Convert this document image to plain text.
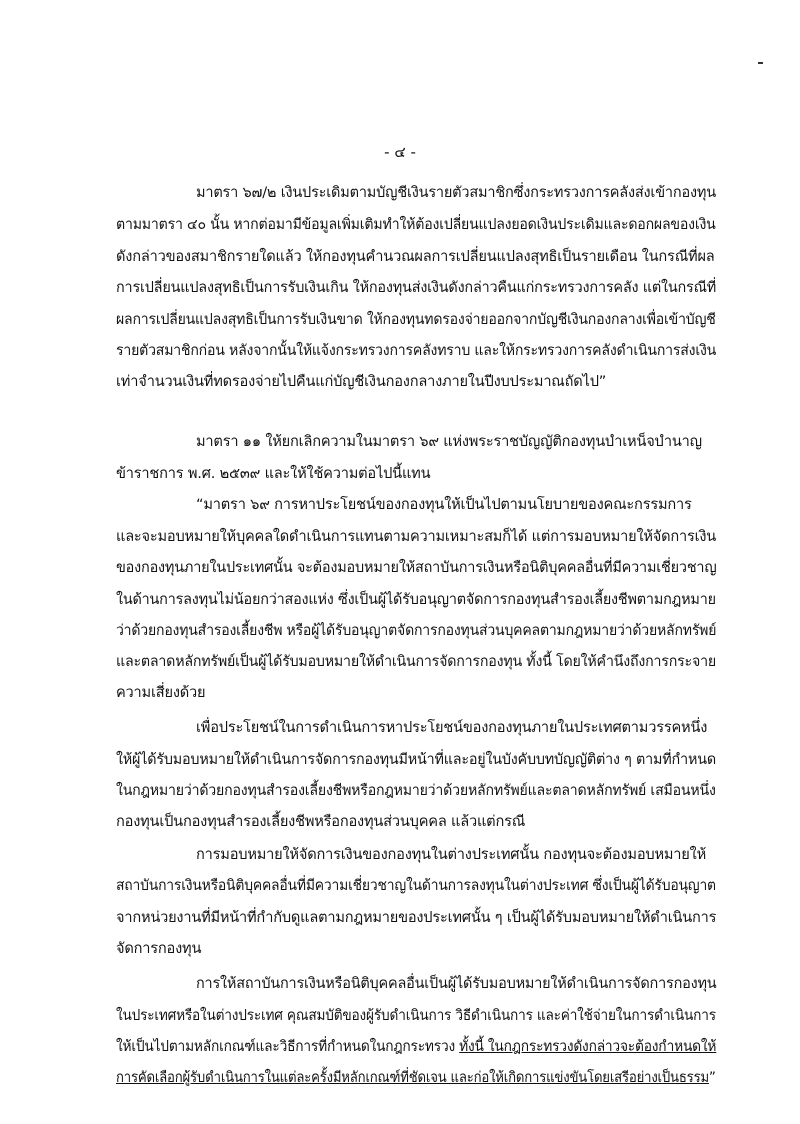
- ๔ -
มาตรา ๖๗/๒ เงินประเดิมตามบัญชีเงินรายตัวสมาชิกซึ่งกระทรวงการคลังส่งเข้ากองทุน
ตามมาตรา ๔๐ นั้น หากต่อมามีข้อมูลเพิ่มเติมทำให้ต้องเปลี่ยนแปลงยอดเงินประเดิมและดอกผลของเงิน
ดังกล่าวของสมาชิกรายใดแล้ว ให้กองทุนคำนวณผลการเปลี่ยนแปลงสุทธิเป็นรายเดือน ในกรณีที่ผล
การเปลี่ยนแปลงสุทธิเป็นการรับเงินเกิน ให้กองทุนส่งเงินดังกล่าวคืนแก่กระทรวงการคลัง แต่ในกรณีที่
ผลการเปลี่ยนแปลงสุทธิเป็นการรับเงินขาด ให้กองทุนทดรองจ่ายออกจากบัญชีเงินกองกลางเพื่อเข้าบัญชี
รายตัวสมาชิกก่อน หลังจากนั้นให้แจ้งกระทรวงการคลังทราบ และให้กระทรวงการคลังดำเนินการส่งเงิน
เท่าจำนวนเงินที่ทดรองจ่ายไปคืนแก่บัญชีเงินกองกลางภายในปีงบประมาณถัดไป”
มาตรา ๑๑ ให้ยกเลิกความในมาตรา ๖๙ แห่งพระราชบัญญัติกองทุนบำเหน็จบำนาญ
ข้าราชการ พ.ศ. ๒๕๓๙ และให้ใช้ความต่อไปนี้แทน
“มาตรา ๖๙ การหาประโยชน์ของกองทุนให้เป็นไปตามนโยบายของคณะกรรมการ
และจะมอบหมายให้บุคคลใดดำเนินการแทนตามความเหมาะสมก็ได้ แต่การมอบหมายให้จัดการเงิน
ของกองทุนภายในประเทศนั้น จะต้องมอบหมายให้สถาบันการเงินหรือนิติบุคคลอื่นที่มีความเชี่ยวชาญ
ในด้านการลงทุนไม่น้อยกว่าสองแห่ง ซึ่งเป็นผู้ได้รับอนุญาตจัดการกองทุนสำรองเลี้ยงชีพตามกฎหมาย
ว่าด้วยกองทุนสำรองเลี้ยงชีพ หรือผู้ได้รับอนุญาตจัดการกองทุนส่วนบุคคลตามกฎหมายว่าด้วยหลักทรัพย์
และตลาดหลักทรัพย์เป็นผู้ได้รับมอบหมายให้ดำเนินการจัดการกองทุน ทั้งนี้ โดยให้คำนึงถึงการกระจาย
ความเสี่ยงด้วย
เพื่อประโยชน์ในการดำเนินการหาประโยชน์ของกองทุนภายในประเทศตามวรรคหนึ่ง
ให้ผู้ได้รับมอบหมายให้ดำเนินการจัดการกองทุนมีหน้าที่และอยู่ในบังคับบทบัญญัติต่าง ๆ ตามที่กำหนด
ในกฎหมายว่าด้วยกองทุนสำรองเลี้ยงชีพหรือกฎหมายว่าด้วยหลักทรัพย์และตลาดหลักทรัพย์ เสมือนหนึ่ง
กองทุนเป็นกองทุนสำรองเลี้ยงชีพหรือกองทุนส่วนบุคคล แล้วแต่กรณี
การมอบหมายให้จัดการเงินของกองทุนในต่างประเทศนั้น กองทุนจะต้องมอบหมายให้
สถาบันการเงินหรือนิติบุคคลอื่นที่มีความเชี่ยวชาญในด้านการลงทุนในต่างประเทศ ซึ่งเป็นผู้ได้รับอนุญาต
จากหน่วยงานที่มีหน้าที่กำกับดูแลตามกฎหมายของประเทศนั้น ๆ เป็นผู้ได้รับมอบหมายให้ดำเนินการ
จัดการกองทุน
การให้สถาบันการเงินหรือนิติบุคคลอื่นเป็นผู้ได้รับมอบหมายให้ดำเนินการจัดการกองทุน
ในประเทศหรือในต่างประเทศ คุณสมบัติของผู้รับดำเนินการ วิธีดำเนินการ และค่าใช้จ่ายในการดำเนินการ
ให้เป็นไปตามหลักเกณฑ์และวิธีการที่กำหนดในกฎกระทรวง ทั้งนี้ ในกฎกระทรวงดังกล่าวจะต้องกำหนดให้
การคัดเลือกผู้รับดำเนินการในแต่ละครั้งมีหลักเกณฑ์ที่ชัดเจน และก่อให้เกิดการแข่งขันโดยเสรีอย่างเป็นธรรม”
